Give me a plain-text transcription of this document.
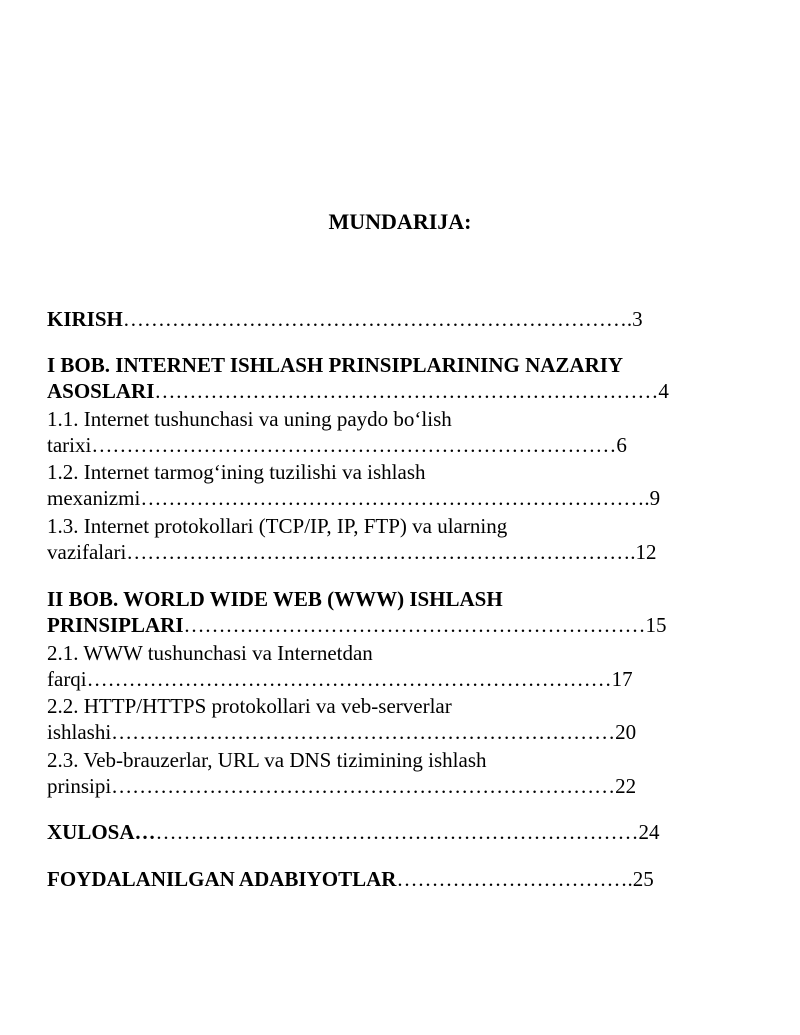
MUNDARIJA:
KIRISH……………………………………………………………….3
I BOB. INTERNET ISHLASH PRINSIPLARINING NAZARIY
ASOSLARI………………………………………………………………4
1.1. Internet tushunchasi va uning paydo bo‘lish
tarixi…………………………………………………………………6
1.2. Internet tarmog‘ining tuzilishi va ishlash
mexanizmi……………………………………………………………….9
1.3. Internet protokollari (TCP/IP, IP, FTP) va ularning
vazifalari……………………………………………………………….12
II BOB. WORLD WIDE WEB (WWW) ISHLASH
PRINSIPLARI…………………………………………………………15
2.1. WWW tushunchasi va Internetdan
farqi…………………………………………………………………17
2.2. HTTP/HTTPS protokollari va veb-serverlar
ishlashi………………………………………………………………20
2.3. Veb-brauzerlar, URL va DNS tizimining ishlash
prinsipi………………………………………………………………22
XULOSA………………………………………………………………24
FOYDALANILGAN ADABIYOTLAR…………………………….25
